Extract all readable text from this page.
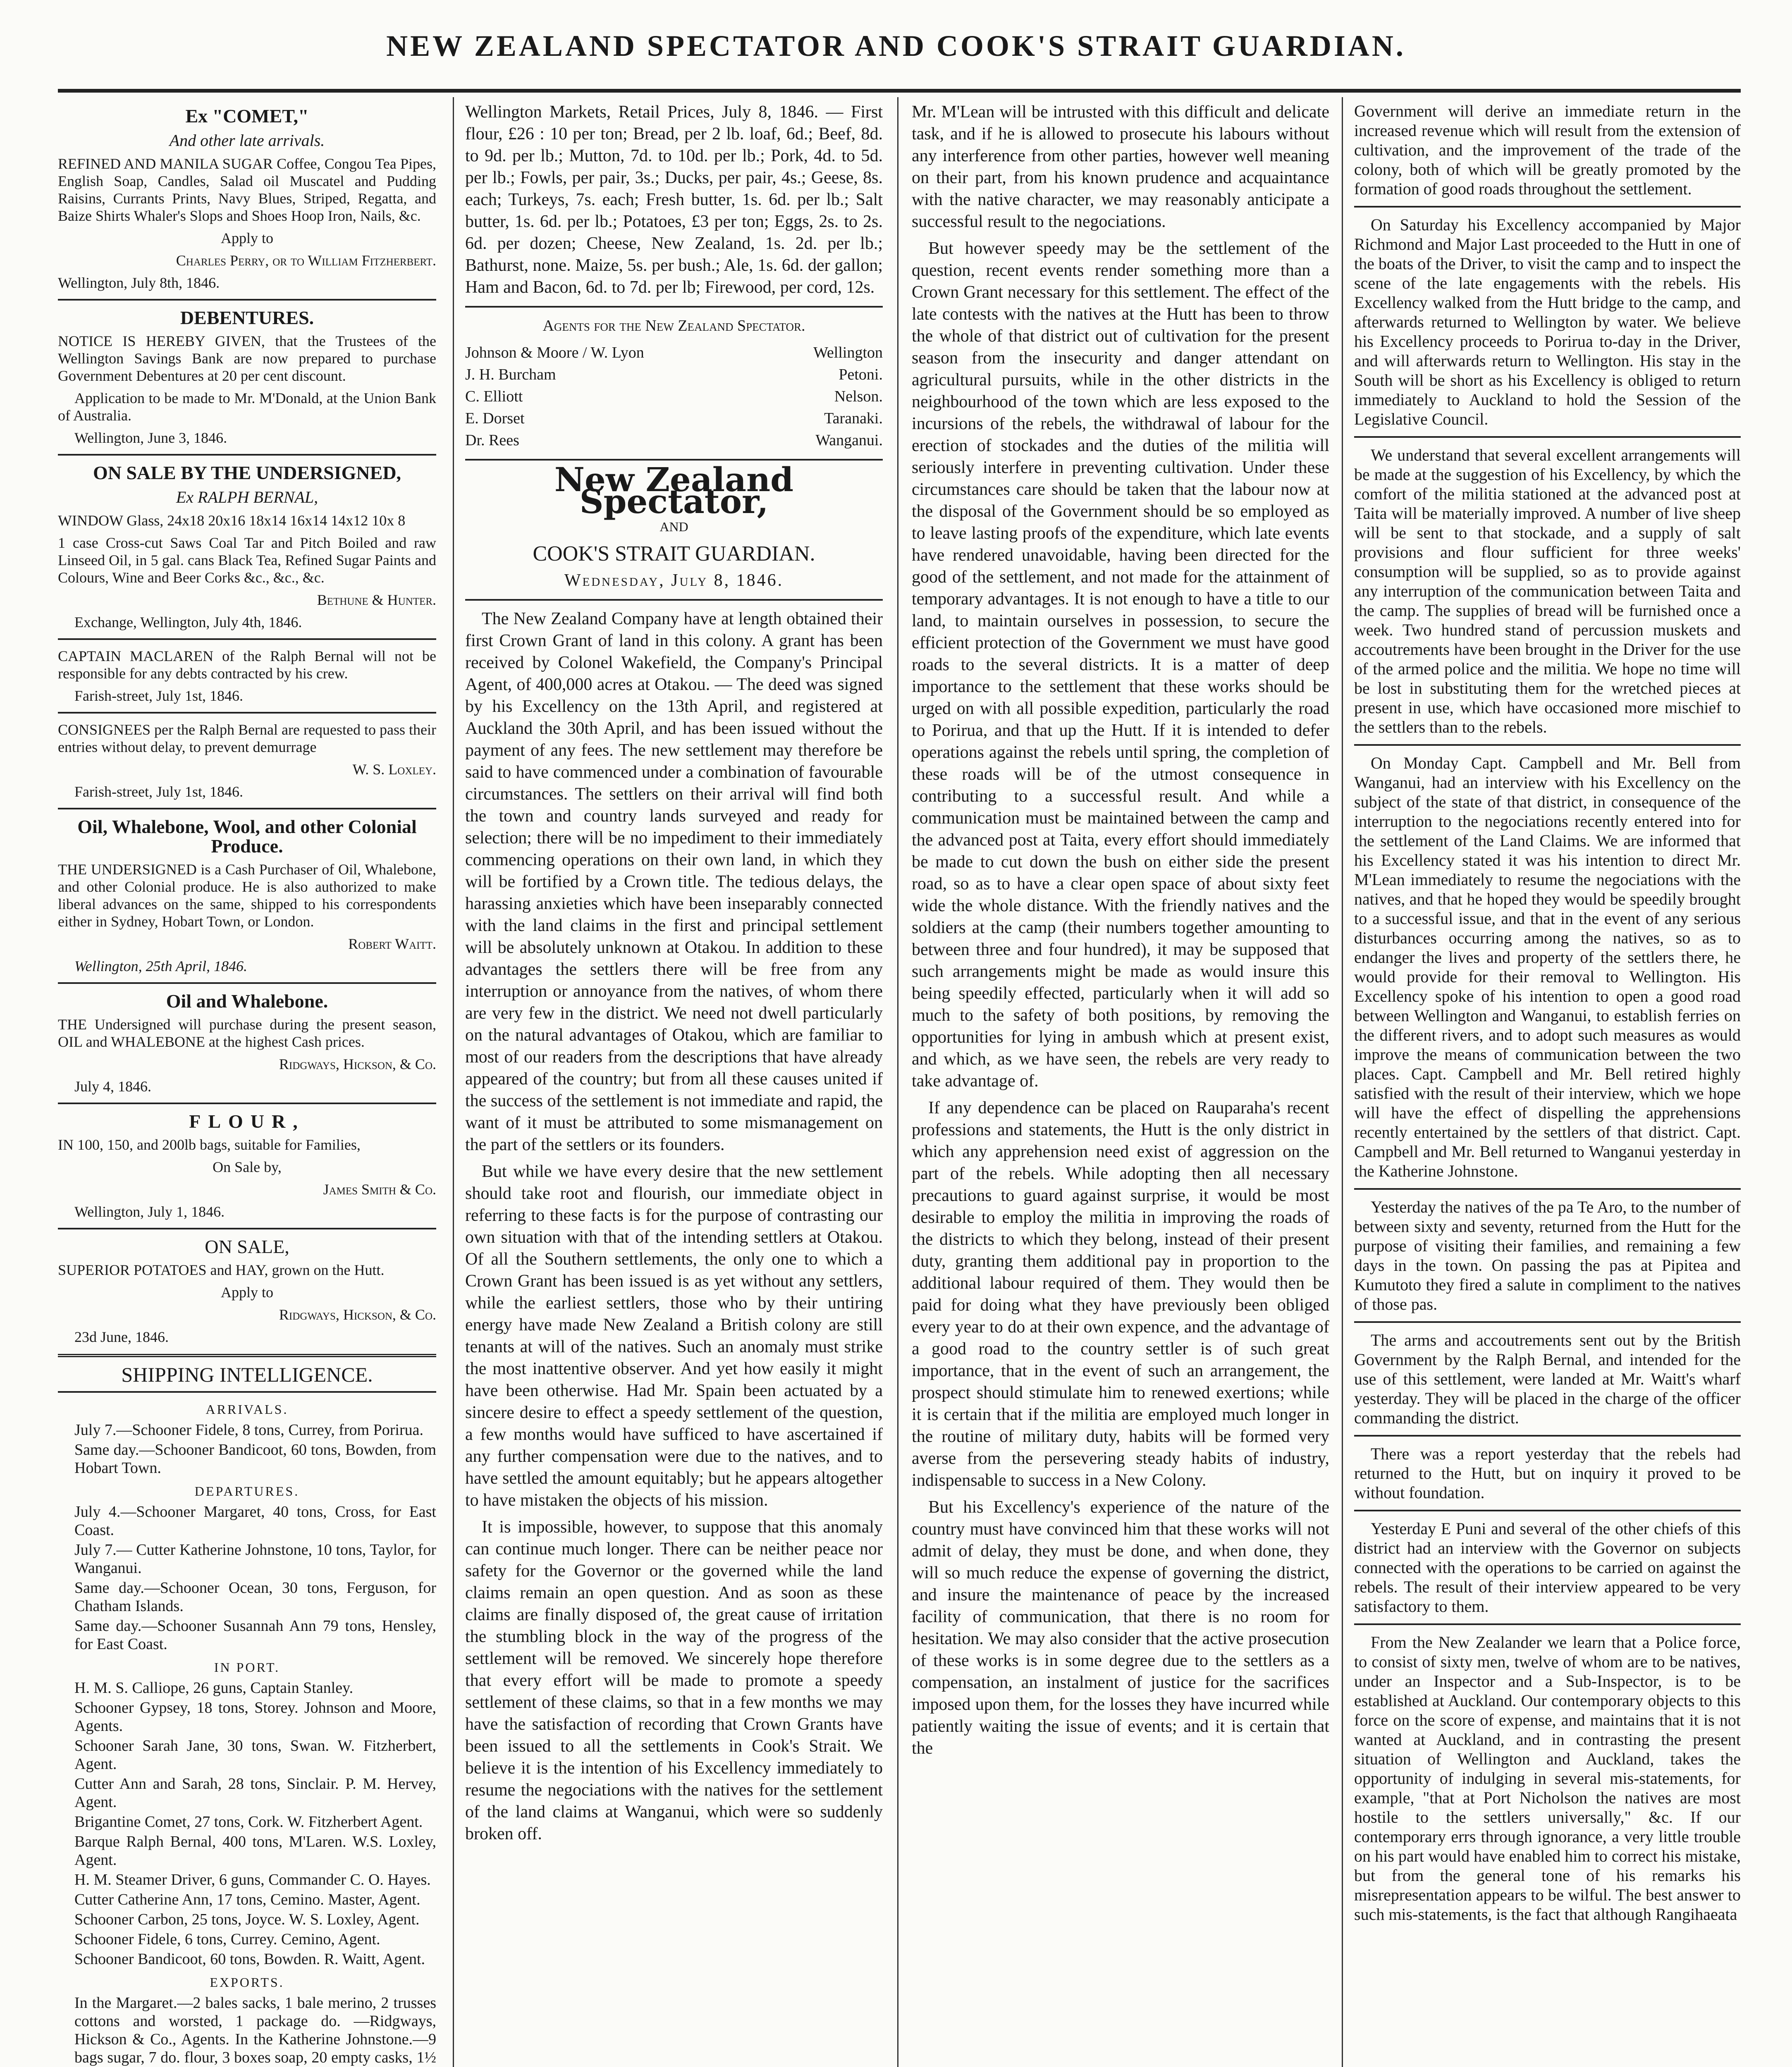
NEW ZEALAND SPECTATOR AND COOK'S STRAIT GUARDIAN.

Ex "COMET,"

And other late arrivals.

REFINED AND MANILA SUGAR Coffee, Congou Tea Pipes, English Soap, Candles, Salad oil Muscatel and Pudding Raisins, Currants Prints, Navy Blues, Striped, Regatta, and Baize Shirts Whaler's Slops and Shoes Hoop Iron, Nails, &c.

Apply to

Charles Perry, or to William Fitzherbert.

Wellington, July 8th, 1846.

DEBENTURES.

NOTICE IS HEREBY GIVEN, that the Trustees of the Wellington Savings Bank are now prepared to purchase Government Debentures at 20 per cent discount.

Application to be made to Mr. M'Donald, at the Union Bank of Australia.

Wellington, June 3, 1846.

ON SALE BY THE UNDERSIGNED,

Ex RALPH BERNAL,

WINDOW Glass, 24x18 20x16 18x14 16x14 14x12 10x 8

1 case Cross-cut Saws Coal Tar and Pitch Boiled and raw Linseed Oil, in 5 gal. cans Black Tea, Refined Sugar Paints and Colours, Wine and Beer Corks &c., &c., &c.

Bethune & Hunter.

Exchange, Wellington, July 4th, 1846.

CAPTAIN MACLAREN of the Ralph Bernal will not be responsible for any debts contracted by his crew.

Farish-street, July 1st, 1846.

CONSIGNEES per the Ralph Bernal are requested to pass their entries without delay, to prevent demurrage

W. S. Loxley.

Farish-street, July 1st, 1846.

Oil, Whalebone, Wool, and other Colonial Produce.

THE UNDERSIGNED is a Cash Purchaser of Oil, Whalebone, and other Colonial produce. He is also authorized to make liberal advances on the same, shipped to his correspondents either in Sydney, Hobart Town, or London.

Robert Waitt.

Wellington, 25th April, 1846.

Oil and Whalebone.

THE Undersigned will purchase during the present season, OIL and WHALEBONE at the highest Cash prices.

Ridgways, Hickson, & Co.

July 4, 1846.

FLOUR,

IN 100, 150, and 200lb bags, suitable for Families,

On Sale by,

James Smith & Co.

Wellington, July 1, 1846.

ON SALE,

SUPERIOR POTATOES and HAY, grown on the Hutt.

Apply to

Ridgways, Hickson, & Co.

23d June, 1846.

SHIPPING INTELLIGENCE.

ARRIVALS.

July 7.—Schooner Fidele, 8 tons, Currey, from Porirua.

Same day.—Schooner Bandicoot, 60 tons, Bowden, from Hobart Town.

DEPARTURES.

July 4.—Schooner Margaret, 40 tons, Cross, for East Coast.

July 7.— Cutter Katherine Johnstone, 10 tons, Taylor, for Wanganui.

Same day.—Schooner Ocean, 30 tons, Ferguson, for Chatham Islands.

Same day.—Schooner Susannah Ann 79 tons, Hensley, for East Coast.

IN PORT.

H. M. S. Calliope, 26 guns, Captain Stanley.

Schooner Gypsey, 18 tons, Storey. Johnson and Moore, Agents.

Schooner Sarah Jane, 30 tons, Swan. W. Fitzherbert, Agent.

Cutter Ann and Sarah, 28 tons, Sinclair. P. M. Hervey, Agent.

Brigantine Comet, 27 tons, Cork. W. Fitzherbert Agent.

Barque Ralph Bernal, 400 tons, M'Laren. W.S. Loxley, Agent.

H. M. Steamer Driver, 6 guns, Commander C. O. Hayes.

Cutter Catherine Ann, 17 tons, Cemino. Master, Agent.

Schooner Carbon, 25 tons, Joyce. W. S. Loxley, Agent.

Schooner Fidele, 6 tons, Currey. Cemino, Agent.

Schooner Bandicoot, 60 tons, Bowden. R. Waitt, Agent.

EXPORTS.

In the Margaret.—2 bales sacks, 1 bale merino, 2 trusses cottons and worsted, 1 package do. —Ridgways, Hickson & Co., Agents. In the Katherine Johnstone.—9 bags sugar, 7 do. flour, 3 boxes soap, 20 empty casks, 1½

Wellington Markets, Retail Prices, July 8, 1846. — First flour, £26 : 10 per ton; Bread, per 2 lb. loaf, 6d.; Beef, 8d. to 9d. per lb.; Mutton, 7d. to 10d. per lb.; Pork, 4d. to 5d. per lb.; Fowls, per pair, 3s.; Ducks, per pair, 4s.; Geese, 8s. each; Turkeys, 7s. each; Fresh butter, 1s. 6d. per lb.; Salt butter, 1s. 6d. per lb.; Potatoes, £3 per ton; Eggs, 2s. to 2s. 6d. per dozen; Cheese, New Zealand, 1s. 2d. per lb.; Bathurst, none. Maize, 5s. per bush.; Ale, 1s. 6d. der gallon; Ham and Bacon, 6d. to 7d. per lb; Firewood, per cord, 12s.

Agents for the New Zealand Spectator.

Johnson & Moore / W. Lyon	Wellington
J. H. Burcham	Petoni.
C. Elliott	Nelson.
E. Dorset	Taranaki.
Dr. Rees	Wanganui.
New Zealand Spectator,

AND

COOK'S STRAIT GUARDIAN.

Wednesday, July 8, 1846.

The New Zealand Company have at length obtained their first Crown Grant of land in this colony. A grant has been received by Colonel Wakefield, the Company's Principal Agent, of 400,000 acres at Otakou. — The deed was signed by his Excellency on the 13th April, and registered at Auckland the 30th April, and has been issued without the payment of any fees. The new settlement may therefore be said to have commenced under a combination of favourable circumstances. The settlers on their arrival will find both the town and country lands surveyed and ready for selection; there will be no impediment to their immediately commencing operations on their own land, in which they will be fortified by a Crown title. The tedious delays, the harassing anxieties which have been inseparably connected with the land claims in the first and principal settlement will be absolutely unknown at Otakou. In addition to these advantages the settlers there will be free from any interruption or annoyance from the natives, of whom there are very few in the district. We need not dwell particularly on the natural advantages of Otakou, which are familiar to most of our readers from the descriptions that have already appeared of the country; but from all these causes united if the success of the settlement is not immediate and rapid, the want of it must be attributed to some mismanagement on the part of the settlers or its founders.

But while we have every desire that the new settlement should take root and flourish, our immediate object in referring to these facts is for the purpose of contrasting our own situation with that of the intending settlers at Otakou. Of all the Southern settlements, the only one to which a Crown Grant has been issued is as yet without any settlers, while the earliest settlers, those who by their untiring energy have made New Zealand a British colony are still tenants at will of the natives. Such an anomaly must strike the most inattentive observer. And yet how easily it might have been otherwise. Had Mr. Spain been actuated by a sincere desire to effect a speedy settlement of the question, a few months would have sufficed to have ascertained if any further compensation were due to the natives, and to have settled the amount equitably; but he appears altogether to have mistaken the objects of his mission.

It is impossible, however, to suppose that this anomaly can continue much longer. There can be neither peace nor safety for the Governor or the governed while the land claims remain an open question. And as soon as these claims are finally disposed of, the great cause of irritation the stumbling block in the way of the progress of the settlement will be removed. We sincerely hope therefore that every effort will be made to promote a speedy settlement of these claims, so that in a few months we may have the satisfaction of recording that Crown Grants have been issued to all the settlements in Cook's Strait. We believe it is the intention of his Excellency immediately to resume the negociations with the natives for the settlement of the land claims at Wanganui, which were so suddenly broken off.

Mr. M'Lean will be intrusted with this difficult and delicate task, and if he is allowed to prosecute his labours without any interference from other parties, however well meaning on their part, from his known prudence and acquaintance with the native character, we may reasonably anticipate a successful result to the negociations.

But however speedy may be the settlement of the question, recent events render something more than a Crown Grant necessary for this settlement. The effect of the late contests with the natives at the Hutt has been to throw the whole of that district out of cultivation for the present season from the insecurity and danger attendant on agricultural pursuits, while in the other districts in the neighbourhood of the town which are less exposed to the incursions of the rebels, the withdrawal of labour for the erection of stockades and the duties of the militia will seriously interfere in preventing cultivation. Under these circumstances care should be taken that the labour now at the disposal of the Government should be so employed as to leave lasting proofs of the expenditure, which late events have rendered unavoidable, having been directed for the good of the settlement, and not made for the attainment of temporary advantages. It is not enough to have a title to our land, to maintain ourselves in possession, to secure the efficient protection of the Government we must have good roads to the several districts. It is a matter of deep importance to the settlement that these works should be urged on with all possible expedition, particularly the road to Porirua, and that up the Hutt. If it is intended to defer operations against the rebels until spring, the completion of these roads will be of the utmost consequence in contributing to a successful result. And while a communication must be maintained between the camp and the advanced post at Taita, every effort should immediately be made to cut down the bush on either side the present road, so as to have a clear open space of about sixty feet wide the whole distance. With the friendly natives and the soldiers at the camp (their numbers together amounting to between three and four hundred), it may be supposed that such arrangements might be made as would insure this being speedily effected, particularly when it will add so much to the safety of both positions, by removing the opportunities for lying in ambush which at present exist, and which, as we have seen, the rebels are very ready to take advantage of.

If any dependence can be placed on Rauparaha's recent professions and statements, the Hutt is the only district in which any apprehension need exist of aggression on the part of the rebels. While adopting then all necessary precautions to guard against surprise, it would be most desirable to employ the militia in improving the roads of the districts to which they belong, instead of their present duty, granting them additional pay in proportion to the additional labour required of them. They would then be paid for doing what they have previously been obliged every year to do at their own expence, and the advantage of a good road to the country settler is of such great importance, that in the event of such an arrangement, the prospect should stimulate him to renewed exertions; while it is certain that if the militia are employed much longer in the routine of military duty, habits will be formed very averse from the persevering steady habits of industry, indispensable to success in a New Colony.

But his Excellency's experience of the nature of the country must have convinced him that these works will not admit of delay, they must be done, and when done, they will so much reduce the expense of governing the district, and insure the maintenance of peace by the increased facility of communication, that there is no room for hesitation. We may also consider that the active prosecution of these works is in some degree due to the settlers as a compensation, an instalment of justice for the sacrifices imposed upon them, for the losses they have incurred while patiently waiting the issue of events; and it is certain that the

Government will derive an immediate return in the increased revenue which will result from the extension of cultivation, and the improvement of the trade of the colony, both of which will be greatly promoted by the formation of good roads throughout the settlement.

On Saturday his Excellency accompanied by Major Richmond and Major Last proceeded to the Hutt in one of the boats of the Driver, to visit the camp and to inspect the scene of the late engagements with the rebels. His Excellency walked from the Hutt bridge to the camp, and afterwards returned to Wellington by water. We believe his Excellency proceeds to Porirua to-day in the Driver, and will afterwards return to Wellington. His stay in the South will be short as his Excellency is obliged to return immediately to Auckland to hold the Session of the Legislative Council.

We understand that several excellent arrangements will be made at the suggestion of his Excellency, by which the comfort of the militia stationed at the advanced post at Taita will be materially improved. A number of live sheep will be sent to that stockade, and a supply of salt provisions and flour sufficient for three weeks' consumption will be supplied, so as to provide against any interruption of the communication between Taita and the camp. The supplies of bread will be furnished once a week. Two hundred stand of percussion muskets and accoutrements have been brought in the Driver for the use of the armed police and the militia. We hope no time will be lost in substituting them for the wretched pieces at present in use, which have occasioned more mischief to the settlers than to the rebels.

On Monday Capt. Campbell and Mr. Bell from Wanganui, had an interview with his Excellency on the subject of the state of that district, in consequence of the interruption to the negociations recently entered into for the settlement of the Land Claims. We are informed that his Excellency stated it was his intention to direct Mr. M'Lean immediately to resume the negociations with the natives, and that he hoped they would be speedily brought to a successful issue, and that in the event of any serious disturbances occurring among the natives, so as to endanger the lives and property of the settlers there, he would provide for their removal to Wellington. His Excellency spoke of his intention to open a good road between Wellington and Wanganui, to establish ferries on the different rivers, and to adopt such measures as would improve the means of communication between the two places. Capt. Campbell and Mr. Bell retired highly satisfied with the result of their interview, which we hope will have the effect of dispelling the apprehensions recently entertained by the settlers of that district. Capt. Campbell and Mr. Bell returned to Wanganui yesterday in the Katherine Johnstone.

Yesterday the natives of the pa Te Aro, to the number of between sixty and seventy, returned from the Hutt for the purpose of visiting their families, and remaining a few days in the town. On passing the pas at Pipitea and Kumutoto they fired a salute in compliment to the natives of those pas.

The arms and accoutrements sent out by the British Government by the Ralph Bernal, and intended for the use of this settlement, were landed at Mr. Waitt's wharf yesterday. They will be placed in the charge of the officer commanding the district.

There was a report yesterday that the rebels had returned to the Hutt, but on inquiry it proved to be without foundation.

Yesterday E Puni and several of the other chiefs of this district had an interview with the Governor on subjects connected with the operations to be carried on against the rebels. The result of their interview appeared to be very satisfactory to them.

From the New Zealander we learn that a Police force, to consist of sixty men, twelve of whom are to be natives, under an Inspector and a Sub-Inspector, is to be established at Auckland. Our contemporary objects to this force on the score of expense, and maintains that it is not wanted at Auckland, and in contrasting the present situation of Wellington and Auckland, takes the opportunity of indulging in several mis-statements, for example, "that at Port Nicholson the natives are most hostile to the settlers universally," &c. If our contemporary errs through ignorance, a very little trouble on his part would have enabled him to correct his mistake, but from the general tone of his remarks his misrepresentation appears to be wilful. The best answer to such mis-statements, is the fact that although Rangihaeata
